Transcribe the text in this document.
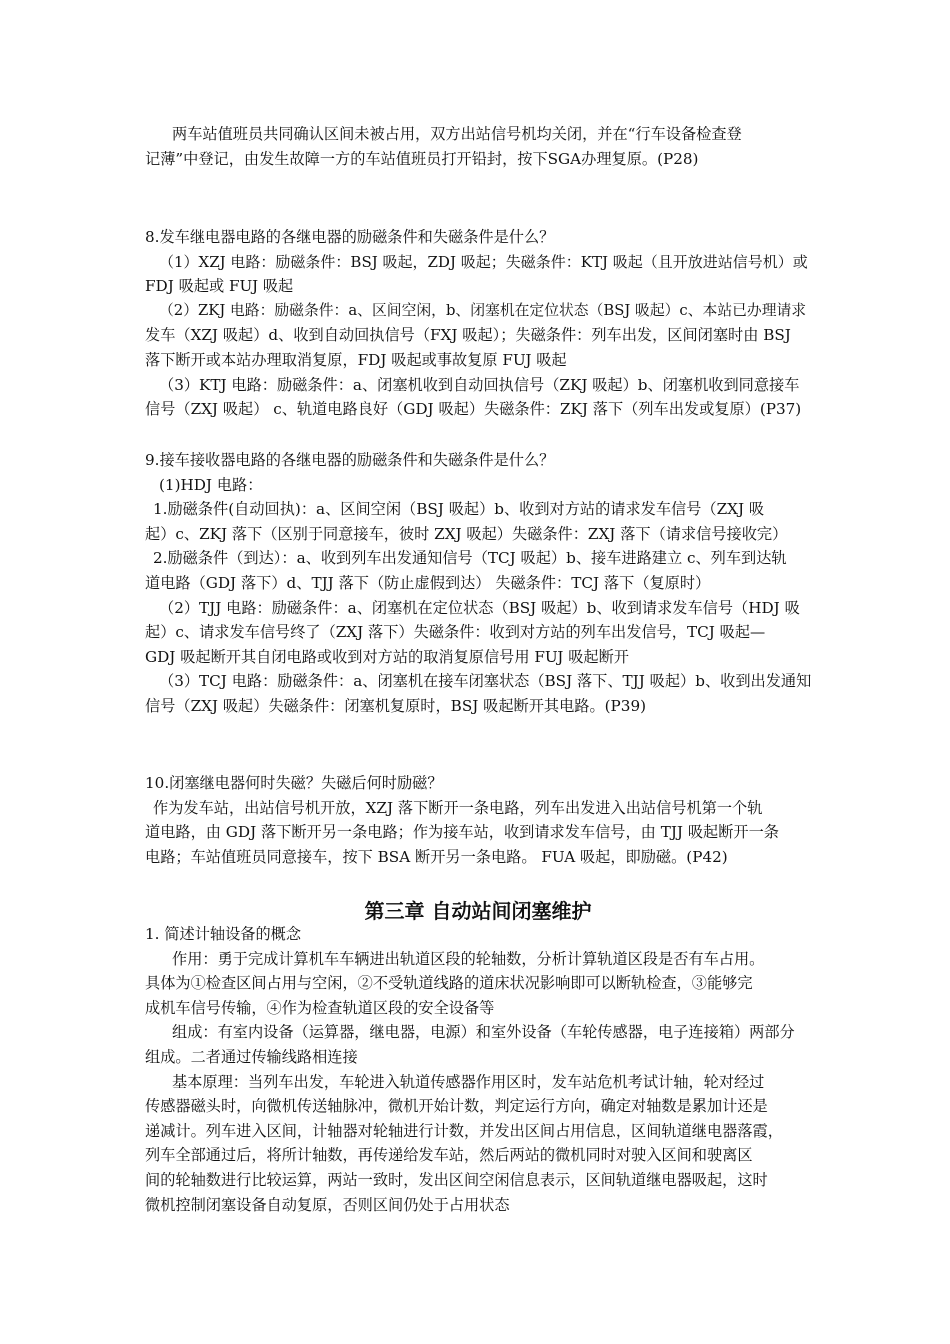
两车站值班员共同确认区间未被占用，双方出站信号机均关闭，并在“行车设备检查登
记薄”中登记，由发生故障一方的车站值班员打开铅封，按下SGA办理复原。(P28)
8.发车继电器电路的各继电器的励磁条件和失磁条件是什么？
（1）XZJ 电路：励磁条件：BSJ 吸起，ZDJ 吸起；失磁条件：KTJ 吸起（且开放进站信号机）或
FDJ 吸起或 FUJ 吸起
（2）ZKJ 电路：励磁条件：a、区间空闲，b、闭塞机在定位状态（BSJ 吸起）c、本站已办理请求
发车（XZJ 吸起）d、收到自动回执信号（FXJ 吸起）；失磁条件：列车出发，区间闭塞时由 BSJ
落下断开或本站办理取消复原，FDJ 吸起或事故复原 FUJ 吸起
（3）KTJ 电路：励磁条件：a、闭塞机收到自动回执信号（ZKJ 吸起）b、闭塞机收到同意接车
信号（ZXJ 吸起） c、轨道电路良好（GDJ 吸起）失磁条件：ZKJ 落下（列车出发或复原）(P37)
9.接车接收器电路的各继电器的励磁条件和失磁条件是什么？
(1)HDJ 电路：
1.励磁条件(自动回执)：a、区间空闲（BSJ 吸起）b、收到对方站的请求发车信号（ZXJ 吸
起）c、ZKJ 落下（区别于同意接车，彼时 ZXJ 吸起）失磁条件：ZXJ 落下（请求信号接收完）
2.励磁条件（到达）：a、收到列车出发通知信号（TCJ 吸起）b、接车进路建立 c、列车到达轨
道电路（GDJ 落下）d、TJJ 落下（防止虚假到达） 失磁条件：TCJ 落下（复原时）
（2）TJJ 电路：励磁条件：a、闭塞机在定位状态（BSJ 吸起）b、收到请求发车信号（HDJ 吸
起）c、请求发车信号终了（ZXJ 落下）失磁条件：收到对方站的列车出发信号，TCJ 吸起—
GDJ 吸起断开其自闭电路或收到对方站的取消复原信号用 FUJ 吸起断开
（3）TCJ 电路：励磁条件：a、闭塞机在接车闭塞状态（BSJ 落下、TJJ 吸起）b、收到出发通知
信号（ZXJ 吸起）失磁条件：闭塞机复原时，BSJ 吸起断开其电路。(P39)
10.闭塞继电器何时失磁？失磁后何时励磁？
作为发车站，出站信号机开放，XZJ 落下断开一条电路，列车出发进入出站信号机第一个轨
道电路，由 GDJ 落下断开另一条电路；作为接车站，收到请求发车信号，由 TJJ 吸起断开一条
电路；车站值班员同意接车，按下 BSA 断开另一条电路。 FUA 吸起，即励磁。(P42)
第三章 自动站间闭塞维护
1. 简述计轴设备的概念
作用：勇于完成计算机车车辆进出轨道区段的轮轴数，分析计算轨道区段是否有车占用。
具体为①检查区间占用与空闲，②不受轨道线路的道床状况影响即可以断轨检查，③能够完
成机车信号传输，④作为检查轨道区段的安全设备等
组成：有室内设备（运算器，继电器，电源）和室外设备（车轮传感器，电子连接箱）两部分
组成。二者通过传输线路相连接
基本原理：当列车出发，车轮进入轨道传感器作用区时，发车站危机考试计轴，轮对经过
传感器磁头时，向微机传送轴脉冲，微机开始计数，判定运行方向，确定对轴数是累加计还是
递减计。列车进入区间，计轴器对轮轴进行计数，并发出区间占用信息，区间轨道继电器落霞，
列车全部通过后，将所计轴数，再传递给发车站，然后两站的微机同时对驶入区间和驶离区
间的轮轴数进行比较运算，两站一致时，发出区间空闲信息表示，区间轨道继电器吸起，这时
微机控制闭塞设备自动复原，否则区间仍处于占用状态
